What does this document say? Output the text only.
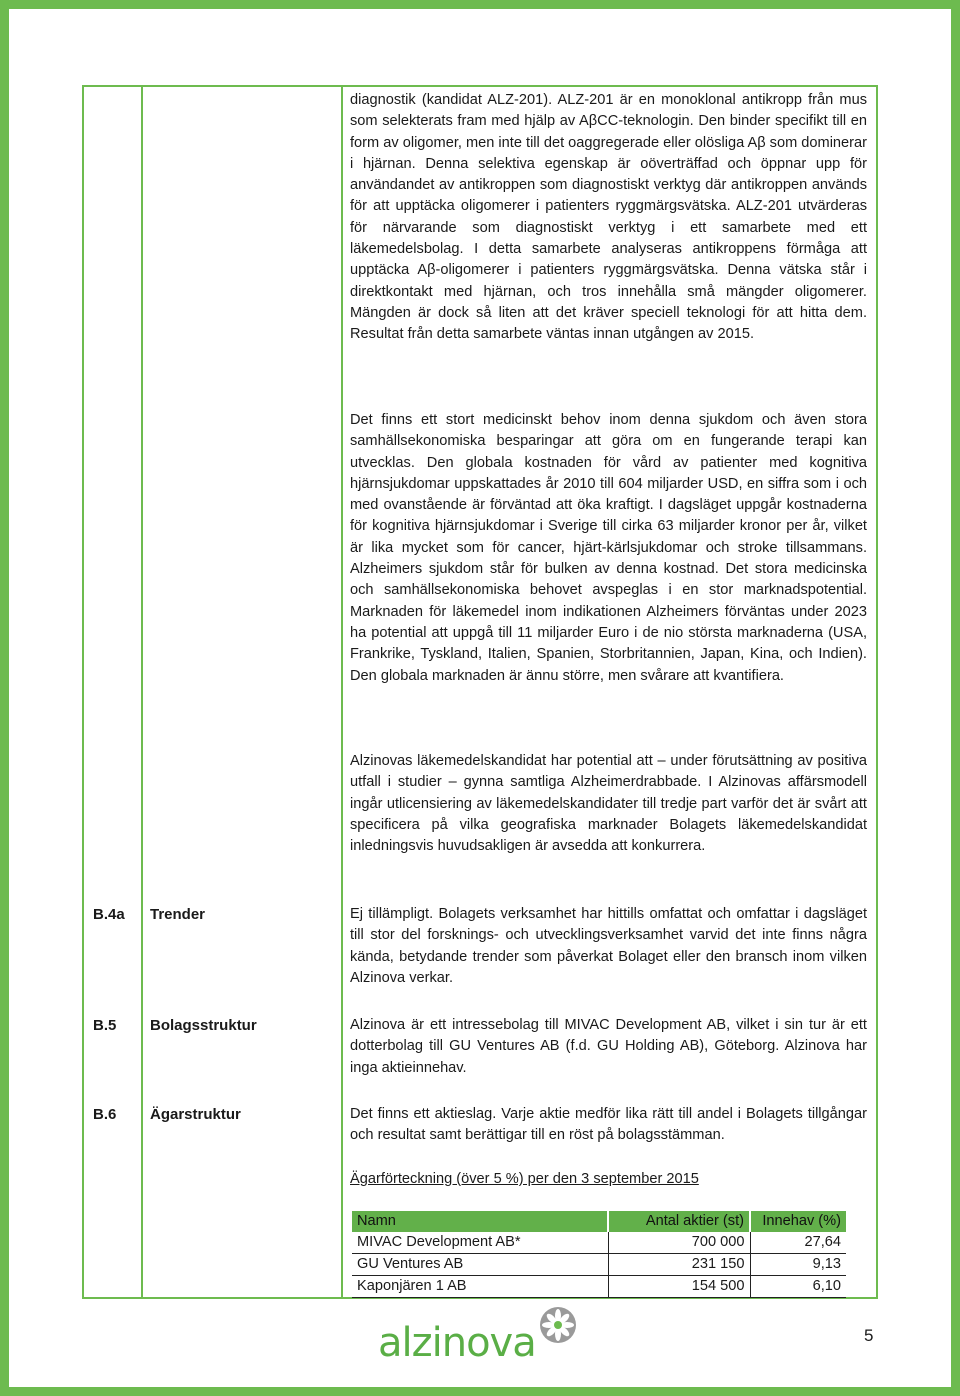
diagnostik (kandidat ALZ-201). ALZ-201 är en monoklonal antikropp från mus som selekterats fram med hjälp av AβCC-teknologin. Den binder specifikt till en form av oligomer, men inte till det oaggregerade eller olösliga Aβ som dominerar i hjärnan. Denna selektiva egenskap är oöverträffad och öppnar upp för användandet av antikroppen som diagnostiskt verktyg där antikroppen används för att upptäcka oligomerer i patienters ryggmärgsvätska. ALZ-201 utvärderas för närvarande som diagnostiskt verktyg i ett samarbete med ett läkemedelsbolag. I detta samarbete analyseras antikroppens förmåga att upptäcka Aβ-oligomerer i patienters ryggmärgsvätska. Denna vätska står i direktkontakt med hjärnan, och tros innehålla små mängder oligomerer. Mängden är dock så liten att det kräver speciell teknologi för att hitta dem. Resultat från detta samarbete väntas innan utgången av 2015.

Det finns ett stort medicinskt behov inom denna sjukdom och även stora samhällsekonomiska besparingar att göra om en fungerande terapi kan utvecklas. Den globala kostnaden för vård av patienter med kognitiva hjärnsjukdomar uppskattades år 2010 till 604 miljarder USD, en siffra som i och med ovanstående är förväntad att öka kraftigt. I dagsläget uppgår kostnaderna för kognitiva hjärnsjukdomar i Sverige till cirka 63 miljarder kronor per år, vilket är lika mycket som för cancer, hjärt-kärlsjukdomar och stroke tillsammans. Alzheimers sjukdom står för bulken av denna kostnad. Det stora medicinska och samhällsekonomiska behovet avspeglas i en stor marknadspotential. Marknaden för läkemedel inom indikationen Alzheimers förväntas under 2023 ha potential att uppgå till 11 miljarder Euro i de nio största marknaderna (USA, Frankrike, Tyskland, Italien, Spanien, Storbritannien, Japan, Kina, och Indien). Den globala marknaden är ännu större, men svårare att kvantifiera.

Alzinovas läkemedelskandidat har potential att – under förutsättning av positiva utfall i studier – gynna samtliga Alzheimerdrabbade. I Alzinovas affärsmodell ingår utlicensiering av läkemedelskandidater till tredje part varför det är svårt att specificera på vilka geografiska marknader Bolagets läkemedelskandidat inledningsvis huvudsakligen är avsedda att konkurrera.

B.4a Trender	Ej tillämpligt. Bolagets verksamhet har hittills omfattat och omfattar i dagsläget till stor del forsknings- och utvecklingsverksamhet varvid det inte finns några kända, betydande trender som påverkat Bolaget eller den bransch inom vilken Alzinova verkar.

B.5 Bolagsstruktur	Alzinova är ett intressebolag till MIVAC Development AB, vilket i sin tur är ett dotterbolag till GU Ventures AB (f.d. GU Holding AB), Göteborg. Alzinova har inga aktieinnehav.

B.6 Ägarstruktur	Det finns ett aktieslag. Varje aktie medför lika rätt till andel i Bolagets tillgångar och resultat samt berättigar till en röst på bolagsstämman.

Ägarförteckning (över 5 %) per den 3 september 2015

Namn	Antal aktier (st)	Innehav (%)
MIVAC Development AB*	700 000	27,64
GU Ventures AB	231 150	9,13
Kaponjären 1 AB	154 500	6,10

alzinova	5
